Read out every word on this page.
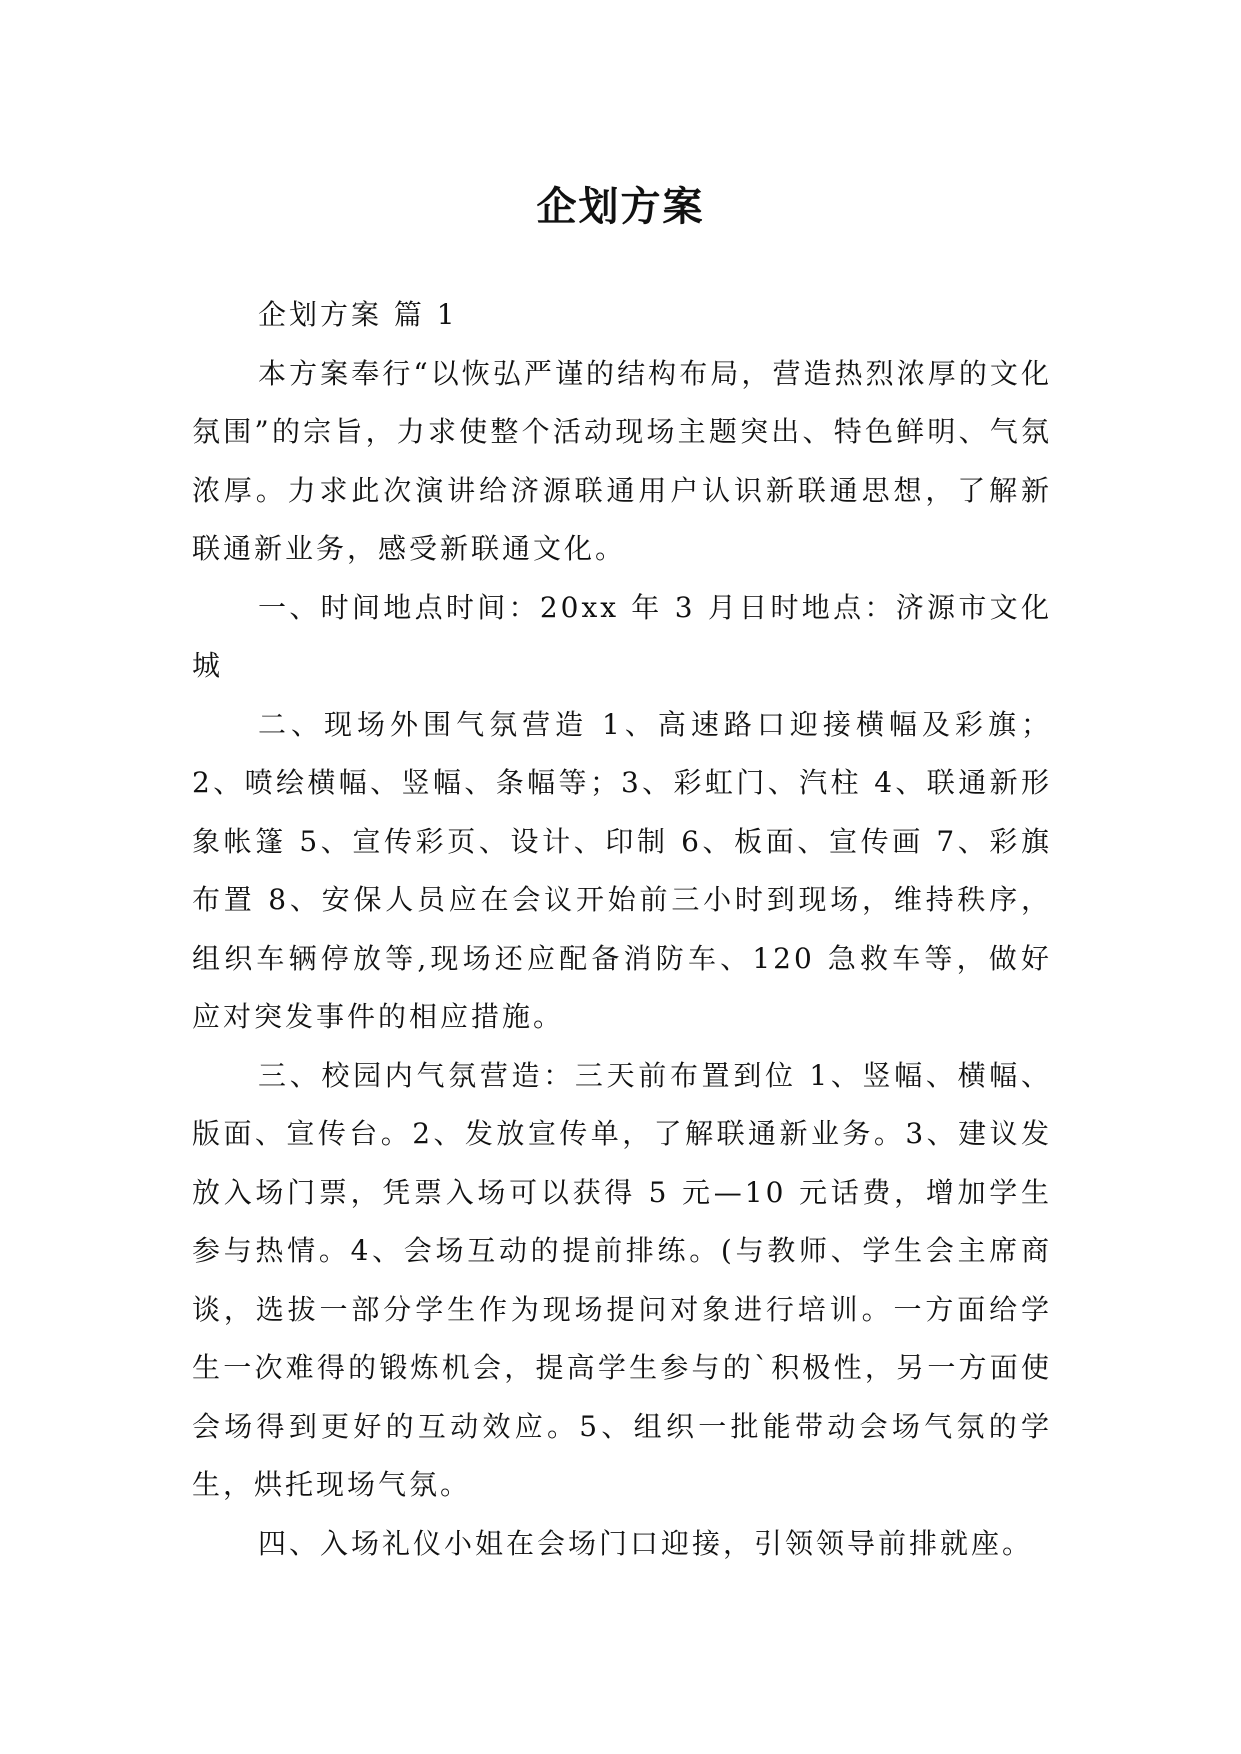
企划方案

企划方案 篇 1

本方案奉行“以恢弘严谨的结构布局，营造热烈浓厚的文化氛围”的宗旨，力求使整个活动现场主题突出、特色鲜明、气氛浓厚。力求此次演讲给济源联通用户认识新联通思想，了解新联通新业务，感受新联通文化。

一、时间地点时间：20xx 年 3 月日时地点：济源市文化城

二、现场外围气氛营造 1、高速路口迎接横幅及彩旗；2、喷绘横幅、竖幅、条幅等；3、彩虹门、汽柱 4、联通新形象帐篷 5、宣传彩页、设计、印制 6、板面、宣传画 7、彩旗布置 8、安保人员应在会议开始前三小时到现场，维持秩序，组织车辆停放等,现场还应配备消防车、120 急救车等，做好应对突发事件的相应措施。

三、校园内气氛营造：三天前布置到位 1、竖幅、横幅、版面、宣传台。2、发放宣传单，了解联通新业务。3、建议发放入场门票，凭票入场可以获得 5 元—10 元话费，增加学生参与热情。4、会场互动的提前排练。(与教师、学生会主席商谈，选拔一部分学生作为现场提问对象进行培训。一方面给学生一次难得的锻炼机会，提高学生参与的`积极性，另一方面使会场得到更好的互动效应。5、组织一批能带动会场气氛的学生，烘托现场气氛。

四、入场礼仪小姐在会场门口迎接，引领领导前排就座。
